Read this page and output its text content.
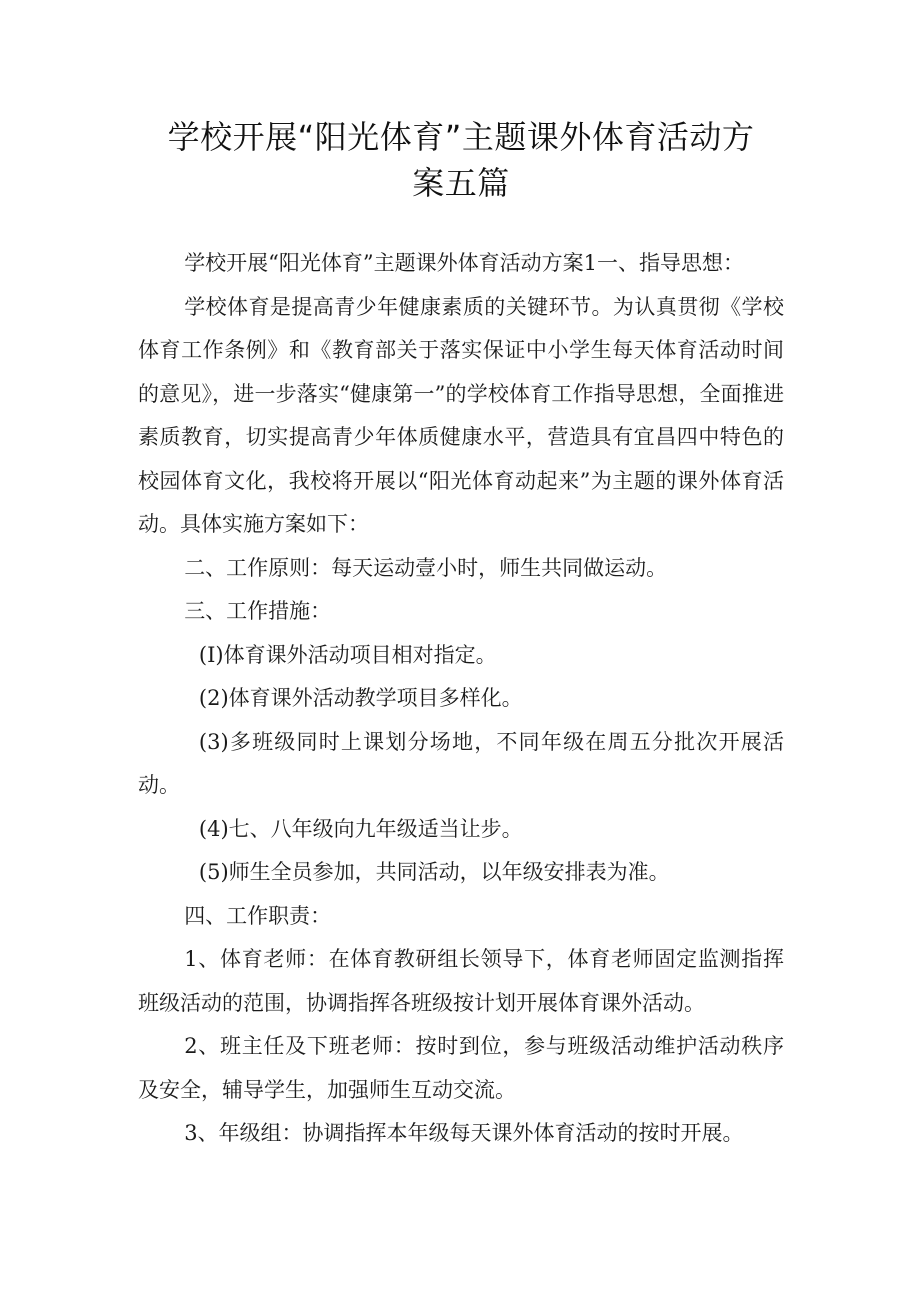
学校开展“阳光体育”主题课外体育活动方
案五篇

学校开展“阳光体育”主题课外体育活动方案1一、指导思想：

学校体育是提高青少年健康素质的关键环节。为认真贯彻《学校体育工作条例》和《教育部关于落实保证中小学生每天体育活动时间的意见》，进一步落实“健康第一”的学校体育工作指导思想，全面推进素质教育，切实提高青少年体质健康水平，营造具有宜昌四中特色的校园体育文化，我校将开展以“阳光体育动起来”为主题的课外体育活动。具体实施方案如下：

二、工作原则：每天运动壹小时，师生共同做运动。

三、工作措施：

(I)体育课外活动项目相对指定。

(2)体育课外活动教学项目多样化。

(3)多班级同时上课划分场地，不同年级在周五分批次开展活动。

(4)七、八年级向九年级适当让步。

(5)师生全员参加，共同活动，以年级安排表为准。

四、工作职责：

1、体育老师：在体育教研组长领导下，体育老师固定监测指挥班级活动的范围，协调指挥各班级按计划开展体育课外活动。

2、班主任及下班老师：按时到位，参与班级活动维护活动秩序及安全，辅导学生，加强师生互动交流。

3、年级组：协调指挥本年级每天课外体育活动的按时开展。
